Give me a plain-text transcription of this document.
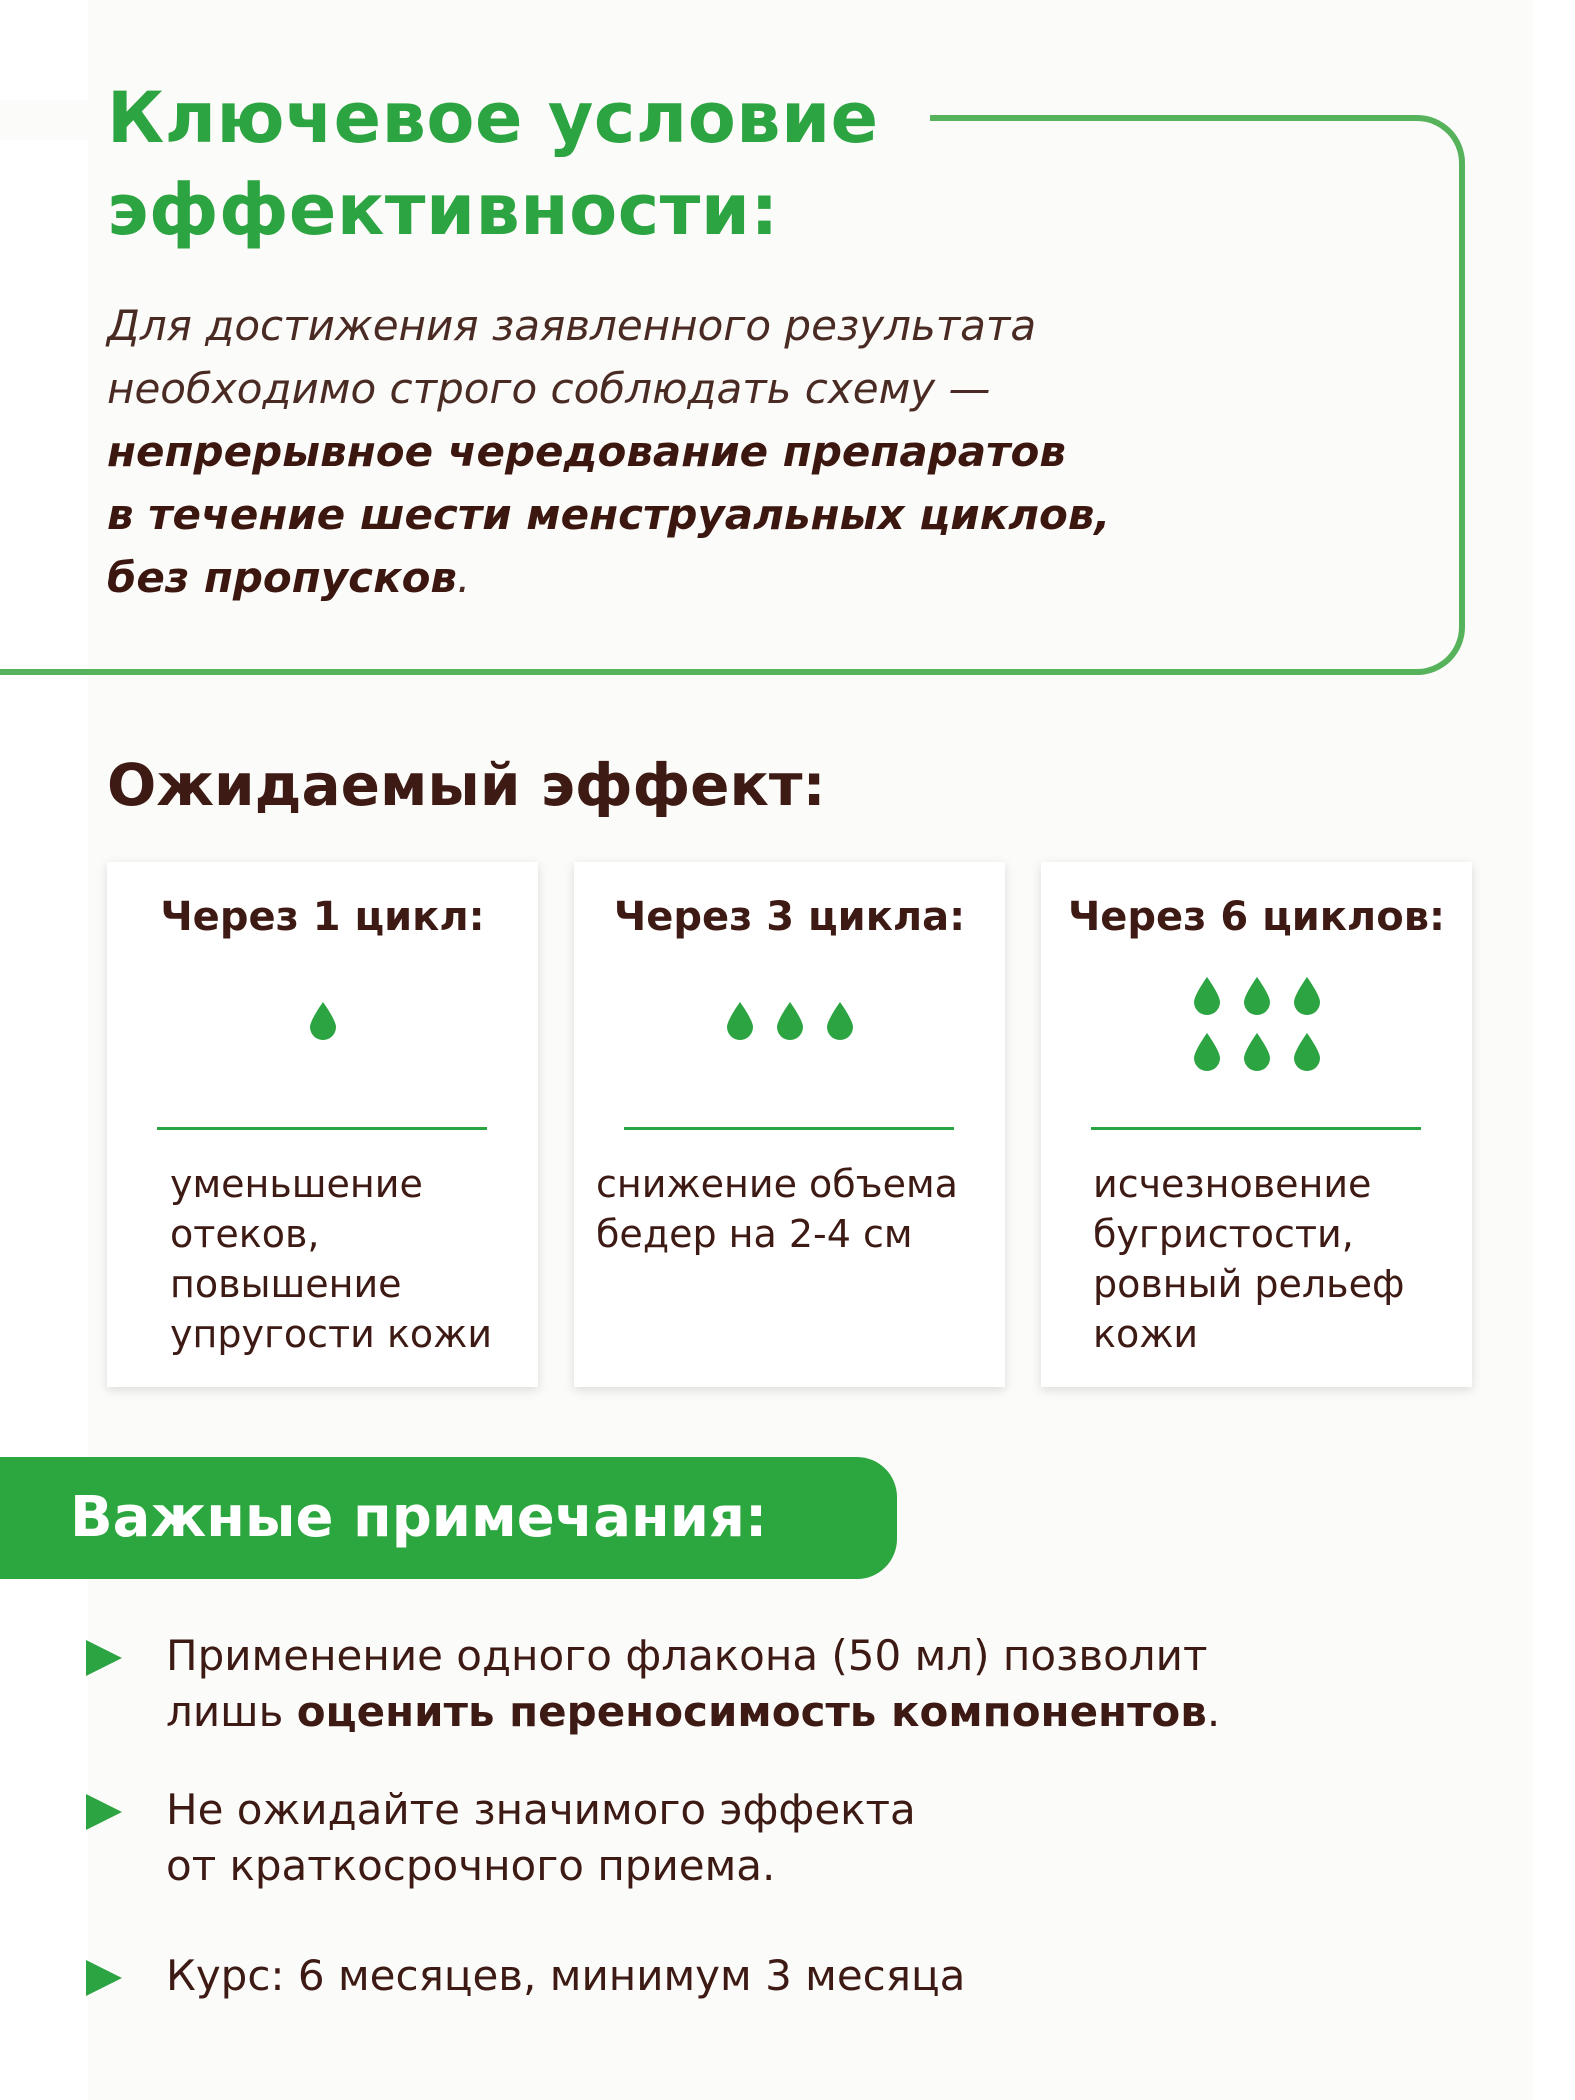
Ключевое условие
эффективности:

Для достижения заявленного результата
необходимо строго соблюдать схему —
непрерывное чередование препаратов
в течение шести менструальных циклов,
без пропусков.

Ожидаемый эффект:
Через 1 цикл:

уменьшение
отеков,
повышение
упругости кожи

Через 3 цикла:

снижение объема
бедер на 2-4 см

Через 6 циклов:

исчезновение
бугристости,
ровный рельеф
кожи

Важные примечания:

Применение одного флакона (50 мл) позволит
лишь оценить переносимость компонентов.

Не ожидайте значимого эффекта
от краткосрочного приема.

Курс: 6 месяцев, минимум 3 месяца
